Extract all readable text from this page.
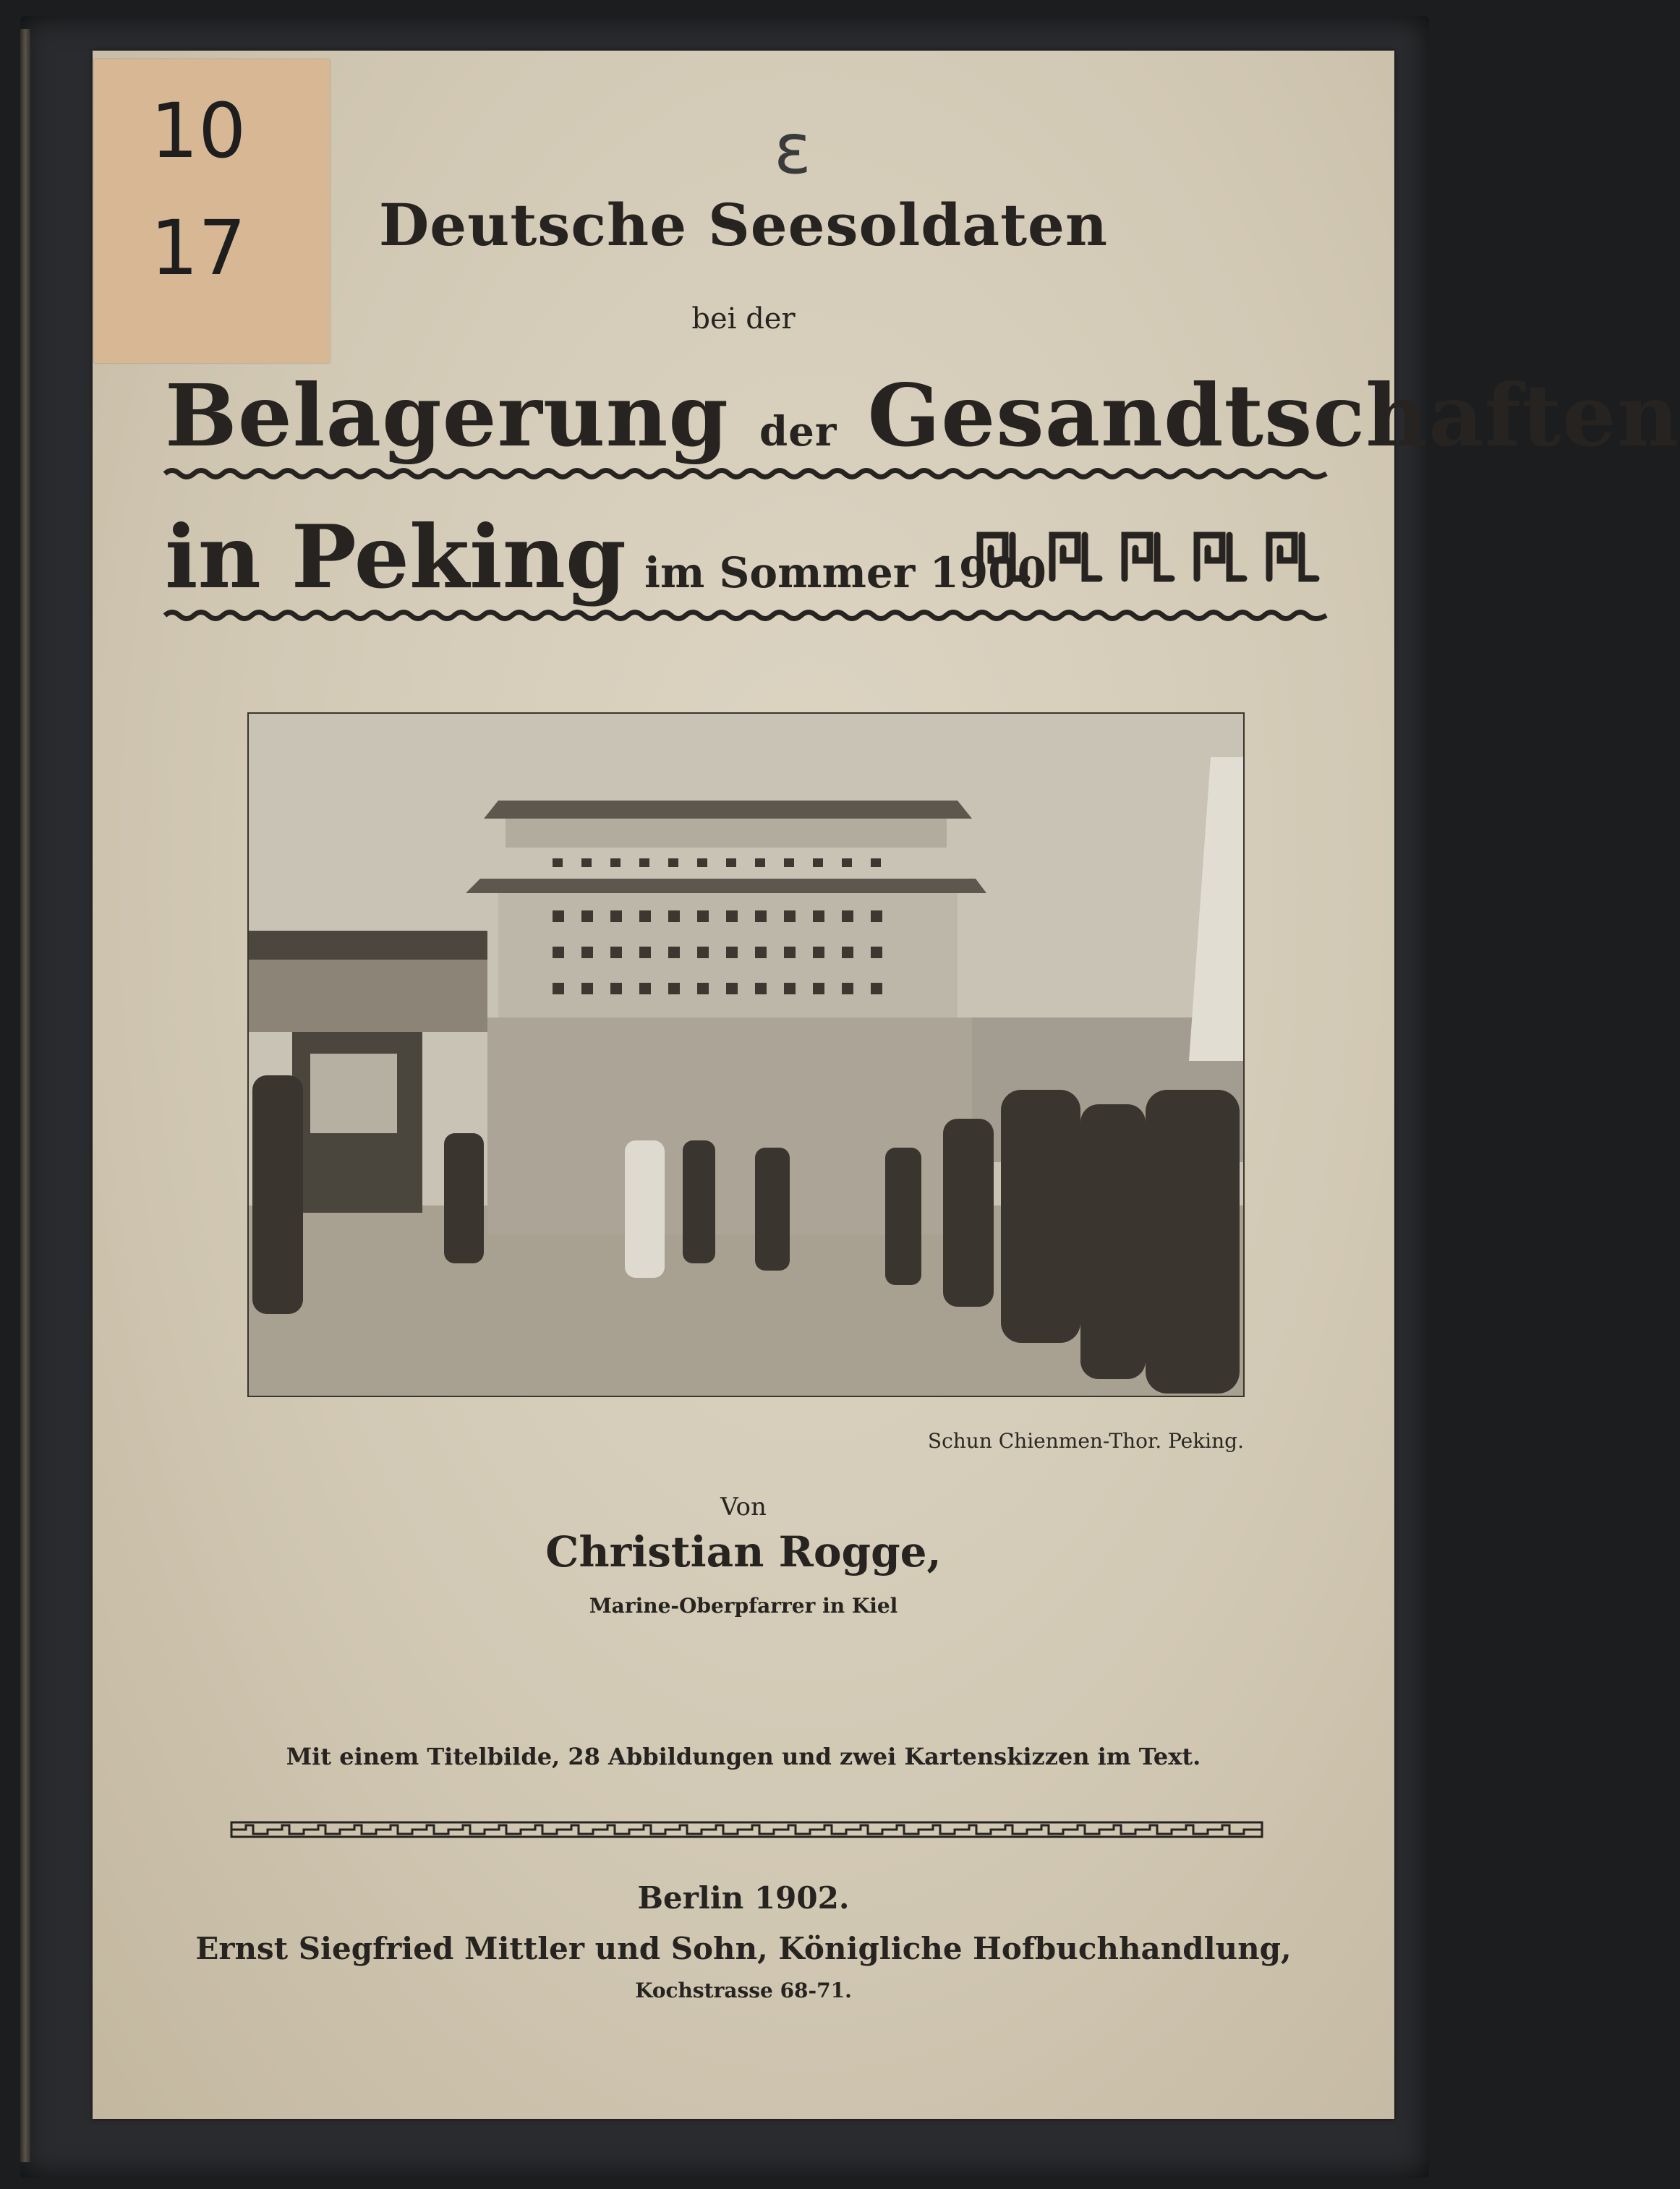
10
17
ε
Deutsche Seesoldaten
bei der
Belagerung der Gesandtschaften
in Peking im Sommer 1900
Schun Chienmen-Thor. Peking.
Von
Christian Rogge,
Marine-Oberpfarrer in Kiel
Mit einem Titelbilde, 28 Abbildungen und zwei Kartenskizzen im Text.
Berlin 1902.
Ernst Siegfried Mittler und Sohn, Königliche Hofbuchhandlung,
Kochstrasse 68-71.
